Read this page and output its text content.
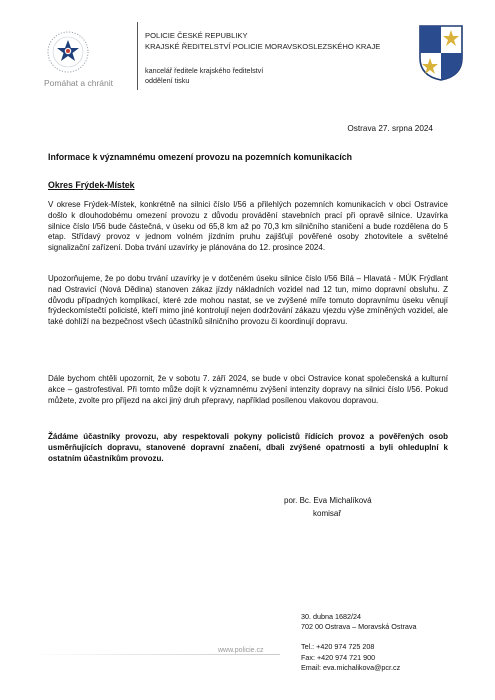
Pomáhat a chránit
POLICIE ČESKÉ REPUBLIKY
KRAJSKÉ ŘEDITELSTVÍ POLICIE MORAVSKOSLEZSKÉHO KRAJE
kancelář ředitele krajského ředitelství
oddělení tisku
Ostrava 27. srpna 2024
Informace k významnému omezení provozu na pozemních komunikacích
Okres Frýdek-Místek
V okrese Frýdek-Místek, konkrétně na silnici číslo I/56 a přilehlých pozemních komunikacích v obci Ostravice došlo k dlouhodobému omezení provozu z důvodu provádění stavebních prací při opravě silnice. Uzavírka silnice číslo I/56 bude částečná, v úseku od 65,8 km až po 70,3 km silničního staničení a bude rozdělena do 5 etap. Střídavý provoz v jednom volném jízdním pruhu zajišťují pověřené osoby zhotovitele a světelné signalizační zařízení. Doba trvání uzavírky je plánována do 12. prosince 2024.
Upozorňujeme, že po dobu trvání uzavírky je v dotčeném úseku silnice číslo I/56 Bílá – Hlavatá - MÚK Frýdlant nad Ostravicí (Nová Dědina) stanoven zákaz jízdy nákladních vozidel nad 12 tun, mimo dopravní obsluhu. Z důvodu případných komplikací, které zde mohou nastat, se ve zvýšené míře tomuto dopravnímu úseku věnují frýdeckomístečtí policisté, kteří mimo jiné kontrolují nejen dodržování zákazu vjezdu výše zmíněných vozidel, ale také dohlíží na bezpečnost všech účastníků silničního provozu či koordinují dopravu.
Dále bychom chtěli upozornit, že v sobotu 7. září 2024, se bude v obci Ostravice konat společenská a kulturní akce – gastrofestival. Při tomto může dojít k významnému zvýšení intenzity dopravy na silnici číslo I/56. Pokud můžete, zvolte pro příjezd na akci jiný druh přepravy, například posílenou vlakovou dopravou.
Žádáme účastníky provozu, aby respektovali pokyny policistů řídících provoz a pověřených osob usměrňujících dopravu, stanovené dopravní značení, dbali zvýšené opatrnosti a byli ohleduplní k ostatním účastníkům provozu.
por. Bc. Eva Michalíková
komisař
30. dubna 1682/24
702 00 Ostrava – Moravská Ostrava
Tel.: +420 974 725 208
Fax: +420 974 721 900
Email: eva.michalikova@pcr.cz
www.policie.cz
